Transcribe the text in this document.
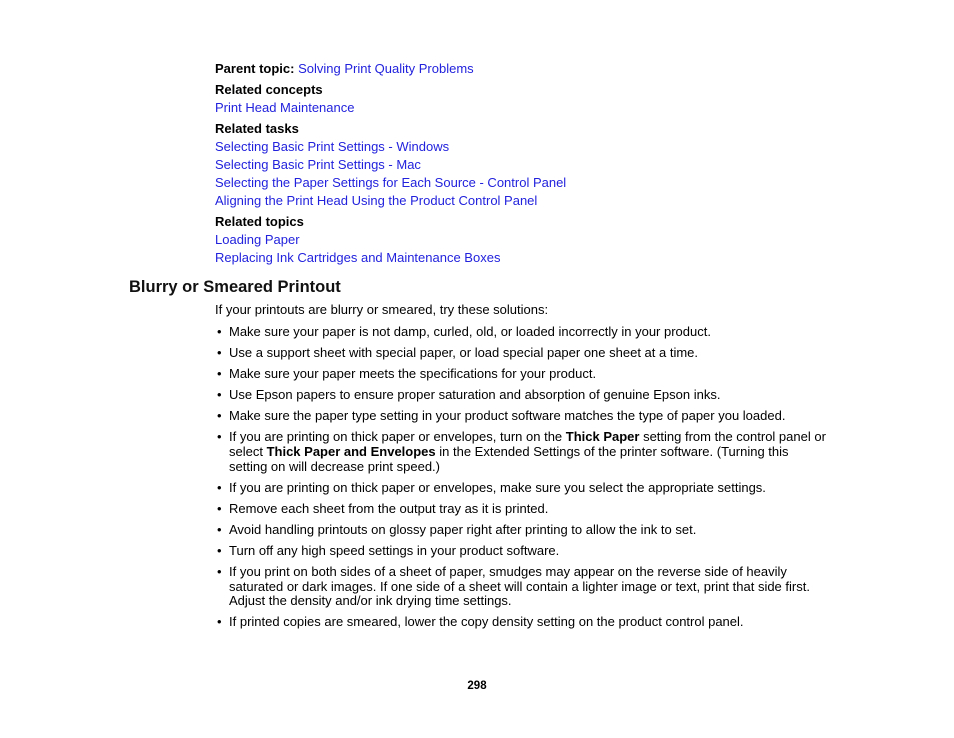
Parent topic: Solving Print Quality Problems
Related concepts
Print Head Maintenance
Related tasks
Selecting Basic Print Settings - Windows
Selecting Basic Print Settings - Mac
Selecting the Paper Settings for Each Source - Control Panel
Aligning the Print Head Using the Product Control Panel
Related topics
Loading Paper
Replacing Ink Cartridges and Maintenance Boxes
Blurry or Smeared Printout

If your printouts are blurry or smeared, try these solutions:

• Make sure your paper is not damp, curled, old, or loaded incorrectly in your product.
• Use a support sheet with special paper, or load special paper one sheet at a time.
• Make sure your paper meets the specifications for your product.
• Use Epson papers to ensure proper saturation and absorption of genuine Epson inks.
• Make sure the paper type setting in your product software matches the type of paper you loaded.
• If you are printing on thick paper or envelopes, turn on the Thick Paper setting from the control panel or select Thick Paper and Envelopes in the Extended Settings of the printer software. (Turning this setting on will decrease print speed.)
• If you are printing on thick paper or envelopes, make sure you select the appropriate settings.
• Remove each sheet from the output tray as it is printed.
• Avoid handling printouts on glossy paper right after printing to allow the ink to set.
• Turn off any high speed settings in your product software.
• If you print on both sides of a sheet of paper, smudges may appear on the reverse side of heavily saturated or dark images. If one side of a sheet will contain a lighter image or text, print that side first. Adjust the density and/or ink drying time settings.
• If printed copies are smeared, lower the copy density setting on the product control panel.
298
